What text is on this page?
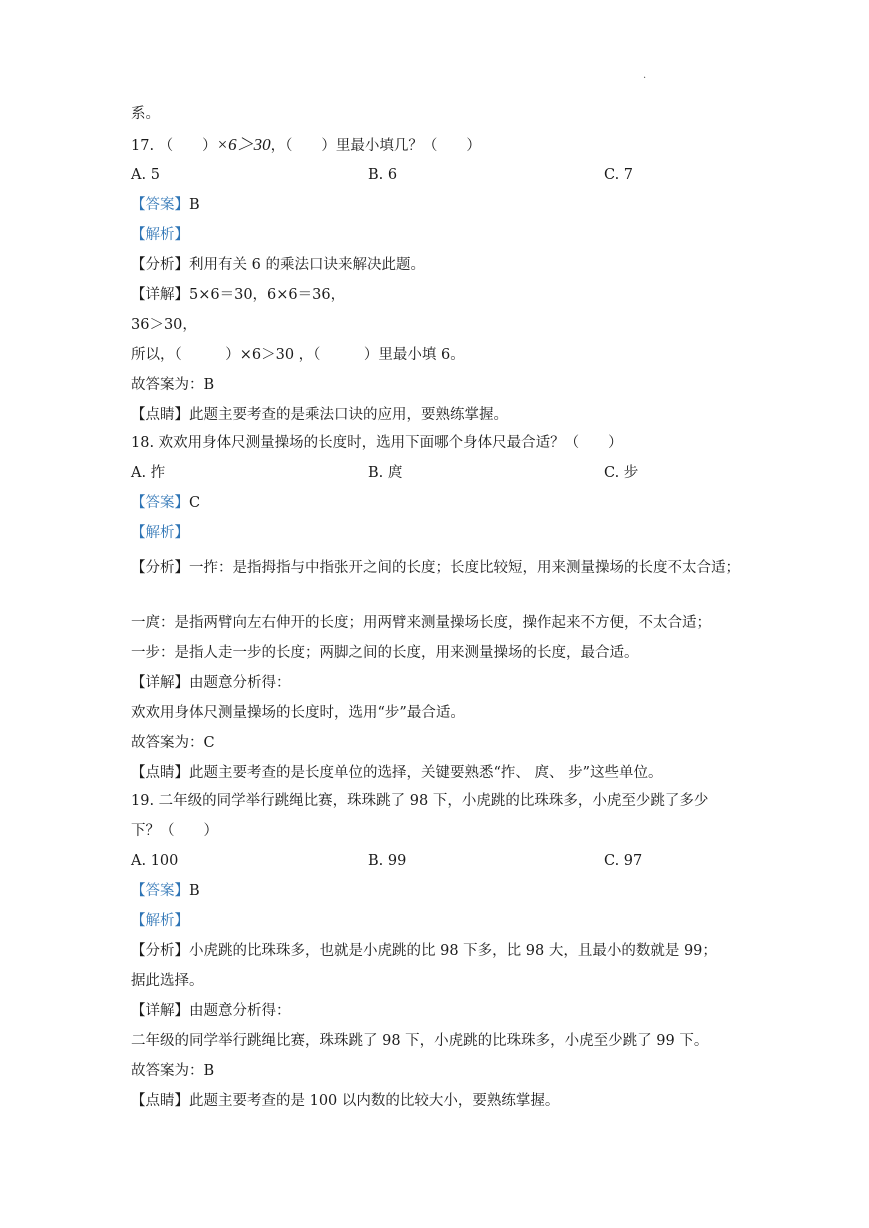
.
系。
17. （　　）×6＞30，（　　）里最小填几？（　　）
A. 5	B. 6	C. 7
【答案】B
【解析】
【分析】利用有关 6 的乘法口诀来解决此题。
【详解】5×6＝30，6×6＝36，
36＞30，
所以，（　　　）×6＞30 ，（　　　）里最小填 6。
故答案为：B
【点睛】此题主要考查的是乘法口诀的应用，要熟练掌握。
18. 欢欢用身体尺测量操场的长度时，选用下面哪个身体尺最合适？（　　）
A. 拃	B. 庹	C. 步
【答案】C
【解析】
【分析】一拃：是指拇指与中指张开之间的长度；长度比较短，用来测量操场的长度不太合适；
一庹：是指两臂向左右伸开的长度；用两臂来测量操场长度，操作起来不方便，不太合适；
一步：是指人走一步的长度；两脚之间的长度，用来测量操场的长度，最合适。
【详解】由题意分析得：
欢欢用身体尺测量操场的长度时，选用“步”最合适。
故答案为：C
【点睛】此题主要考查的是长度单位的选择，关键要熟悉“拃、 庹、 步”这些单位。
19. 二年级的同学举行跳绳比赛，珠珠跳了 98 下，小虎跳的比珠珠多，小虎至少跳了多少
下？（　　）
A. 100	B. 99	C. 97
【答案】B
【解析】
【分析】小虎跳的比珠珠多，也就是小虎跳的比 98 下多，比 98 大，且最小的数就是 99；
据此选择。
【详解】由题意分析得：
二年级的同学举行跳绳比赛，珠珠跳了 98 下，小虎跳的比珠珠多，小虎至少跳了 99 下。
故答案为：B
【点睛】此题主要考查的是 100 以内数的比较大小，要熟练掌握。
